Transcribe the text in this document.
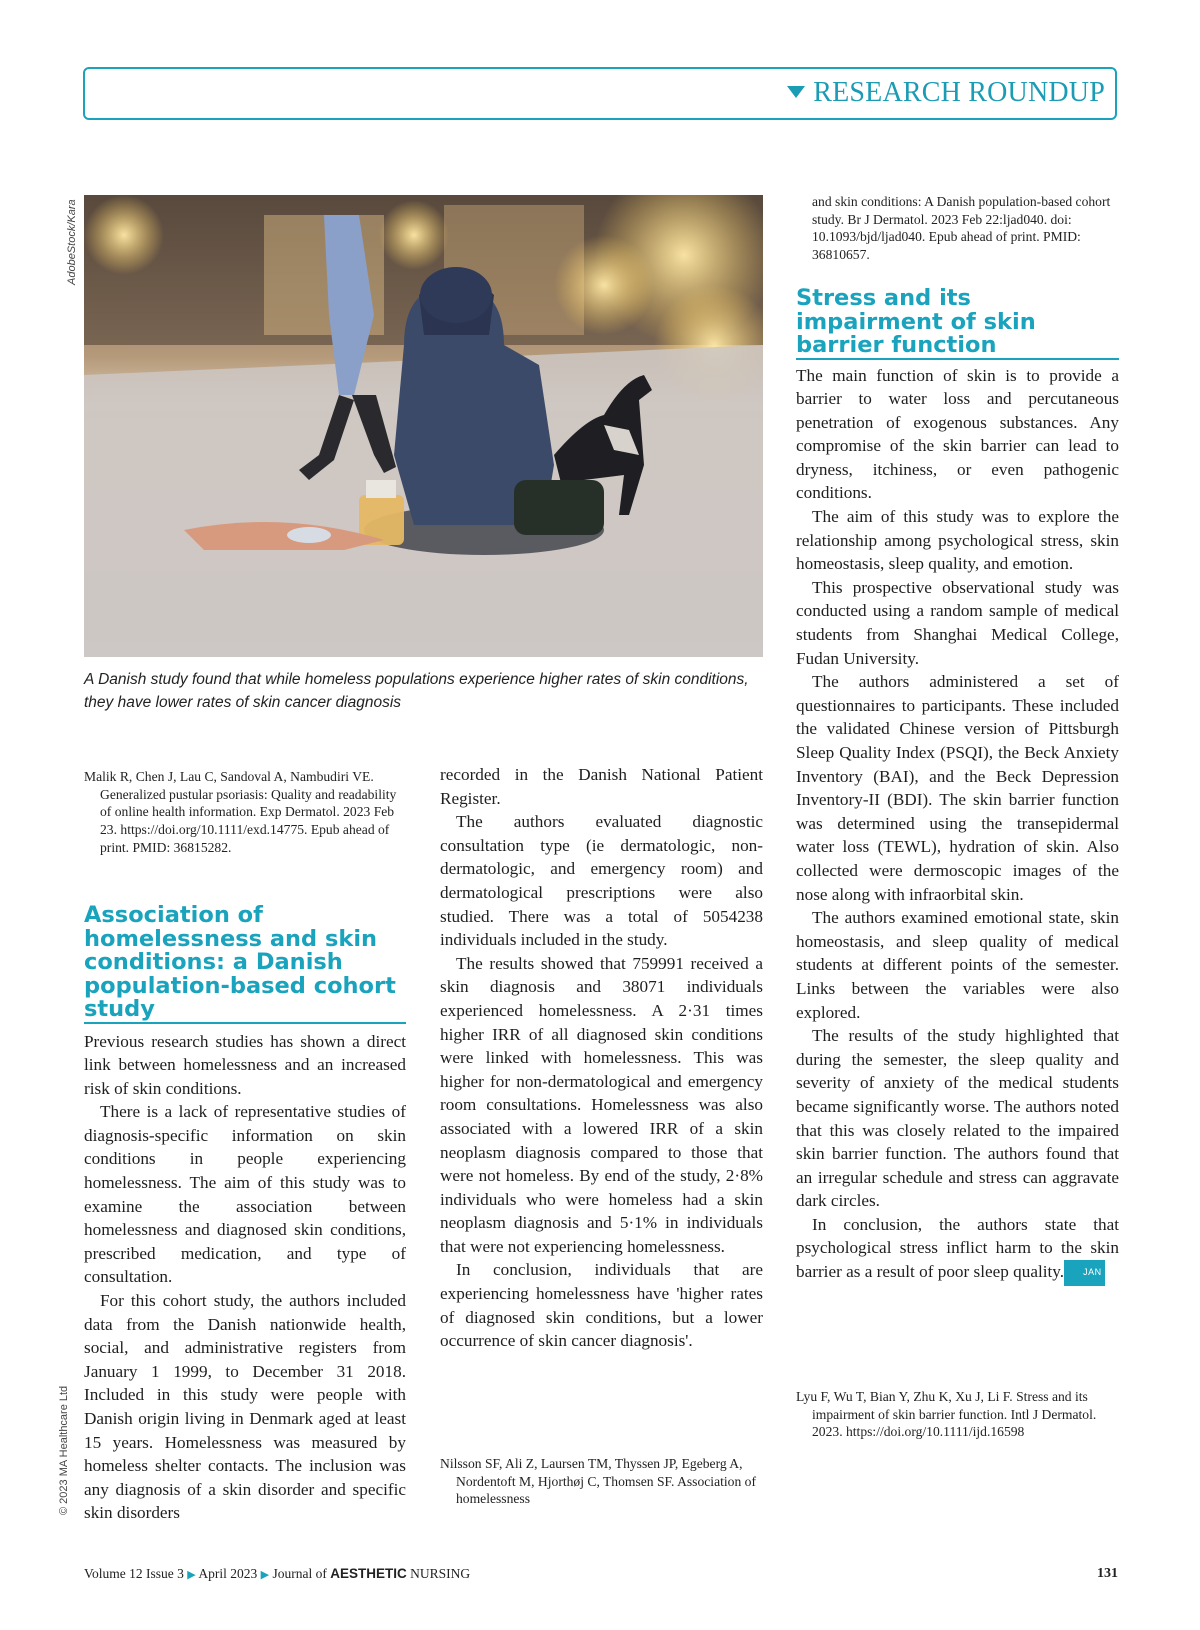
RESEARCH ROUNDUP
AdobeStock/Kara
© 2023 MA Healthcare Ltd
A Danish study found that while homeless populations experience higher rates of skin conditions, they have lower rates of skin cancer diagnosis
Malik R, Chen J, Lau C, Sandoval A, Nambudiri VE. Generalized pustular psoriasis: Quality and readability of online health information. Exp Dermatol. 2023 Feb 23. https://doi.org/10.1111/exd.14775. Epub ahead of print. PMID: 36815282.
Association of homelessness and skin conditions: a Danish population-based cohort study

Previous research studies has shown a direct link between homelessness and an increased risk of skin conditions.

There is a lack of representative studies of diagnosis-specific information on skin conditions in people experiencing homelessness. The aim of this study was to examine the association between homelessness and diagnosed skin conditions, prescribed medication, and type of consultation.

For this cohort study, the authors included data from the Danish nationwide health, social, and administrative registers from January 1 1999, to December 31 2018. Included in this study were people with Danish origin living in Denmark aged at least 15 years. Homelessness was measured by homeless shelter contacts. The inclusion was any diagnosis of a skin disorder and specific skin disorders

recorded in the Danish National Patient Register.

The authors evaluated diagnostic consultation type (ie dermatologic, non-dermatologic, and emergency room) and dermatological prescriptions were also studied. There was a total of 5054238 individuals included in the study.

The results showed that 759991 received a skin diagnosis and 38071 individuals experienced homelessness. A 2·31 times higher IRR of all diagnosed skin conditions were linked with homelessness. This was higher for non-dermatological and emergency room consultations. Homelessness was also associated with a lowered IRR of a skin neoplasm diagnosis compared to those that were not homeless. By end of the study, 2·8% individuals who were homeless had a skin neoplasm diagnosis and 5·1% in individuals that were not experiencing homelessness.

In conclusion, individuals that are experiencing homelessness have 'higher rates of diagnosed skin conditions, but a lower occurrence of skin cancer diagnosis'.

Nilsson SF, Ali Z, Laursen TM, Thyssen JP, Egeberg A, Nordentoft M, Hjorthøj C, Thomsen SF. Association of homelessness
and skin conditions: A Danish population-based cohort study. Br J Dermatol. 2023 Feb 22:ljad040. doi: 10.1093/bjd/ljad040. Epub ahead of print. PMID: 36810657.
Stress and its impairment of skin barrier function

The main function of skin is to provide a barrier to water loss and percutaneous penetration of exogenous substances. Any compromise of the skin barrier can lead to dryness, itchiness, or even pathogenic conditions.

The aim of this study was to explore the relationship among psychological stress, skin homeostasis, sleep quality, and emotion.

This prospective observational study was conducted using a random sample of medical students from Shanghai Medical College, Fudan University.

The authors administered a set of questionnaires to participants. These included the validated Chinese version of Pittsburgh Sleep Quality Index (PSQI), the Beck Anxiety Inventory (BAI), and the Beck Depression Inventory-II (BDI). The skin barrier function was determined using the transepidermal water loss (TEWL), hydration of skin. Also collected were dermoscopic images of the nose along with infraorbital skin.

The authors examined emotional state, skin homeostasis, and sleep quality of medical students at different points of the semester. Links between the variables were also explored.

The results of the study highlighted that during the semester, the sleep quality and severity of anxiety of the medical students became significantly worse. The authors noted that this was closely related to the impaired skin barrier function. The authors found that an irregular schedule and stress can aggravate dark circles.

In conclusion, the authors state that psychological stress inflict harm to the skin barrier as a result of poor sleep quality. JAN

Lyu F, Wu T, Bian Y, Zhu K, Xu J, Li F. Stress and its impairment of skin barrier function. Intl J Dermatol. 2023. https://doi.org/10.1111/ijd.16598
Volume 12 Issue 3 ▶ April 2023 ▶ Journal of AESTHETIC NURSING	131
